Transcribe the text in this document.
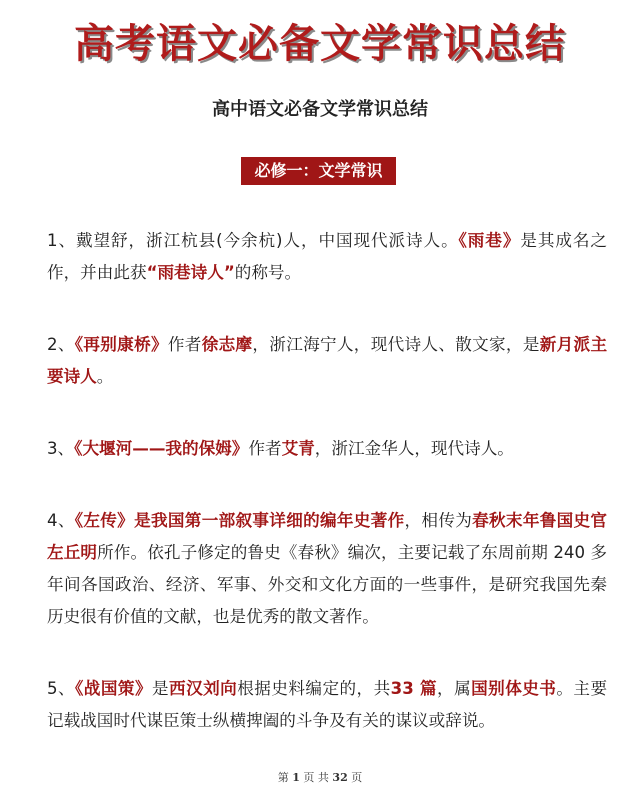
高考语文必备文学常识总结
高中语文必备文学常识总结
必修一：文学常识
1、戴望舒，浙江杭县(今余杭)人，中国现代派诗人。《雨巷》是其成名之作，并由此获“雨巷诗人”的称号。
2、《再别康桥》作者徐志摩，浙江海宁人，现代诗人、散文家，是新月派主要诗人。
3、《大堰河——我的保姆》作者艾青，浙江金华人，现代诗人。
4、《左传》是我国第一部叙事详细的编年史著作，相传为春秋末年鲁国史官左丘明所作。依孔子修定的鲁史《春秋》编次，主要记载了东周前期 240 多年间各国政治、经济、军事、外交和文化方面的一些事件，是研究我国先秦历史很有价值的文献，也是优秀的散文著作。
5、《战国策》是西汉刘向根据史料编定的，共33 篇，属国别体史书。主要记载战国时代谋臣策士纵横捭阖的斗争及有关的谋议或辞说。
第 1 页 共 32 页
